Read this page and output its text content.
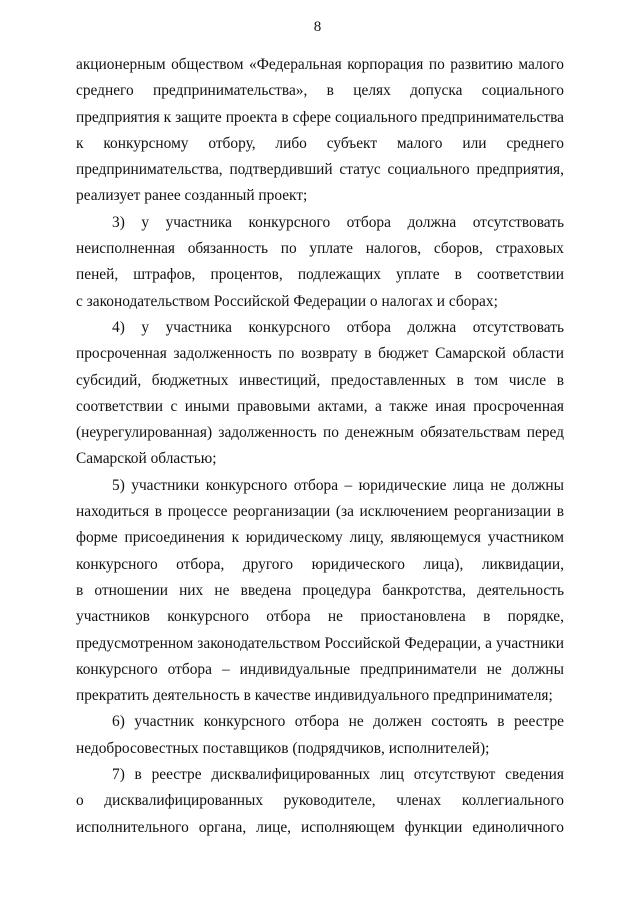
8
акционерным обществом «Федеральная корпорация по развитию малого
среднего предпринимательства», в целях допуска социального
предприятия к защите проекта в сфере социального предпринимательства
к конкурсному отбору, либо субъект малого или среднего
предпринимательства, подтвердивший статус социального предприятия,
реализует ранее созданный проект;
3) у участника конкурсного отбора должна отсутствовать
неисполненная обязанность по уплате налогов, сборов, страховых
пеней, штрафов, процентов, подлежащих уплате в соответствии
с законодательством Российской Федерации о налогах и сборах;
4) у участника конкурсного отбора должна отсутствовать
просроченная задолженность по возврату в бюджет Самарской области
субсидий, бюджетных инвестиций, предоставленных в том числе в
соответствии с иными правовыми актами, а также иная просроченная
(неурегулированная) задолженность по денежным обязательствам перед
Самарской областью;
5) участники конкурсного отбора – юридические лица не должны
находиться в процессе реорганизации (за исключением реорганизации в
форме присоединения к юридическому лицу, являющемуся участником
конкурсного отбора, другого юридического лица), ликвидации,
в отношении них не введена процедура банкротства, деятельность
участников конкурсного отбора не приостановлена в порядке,
предусмотренном законодательством Российской Федерации, а участники
конкурсного отбора – индивидуальные предприниматели не должны
прекратить деятельность в качестве индивидуального предпринимателя;
6) участник конкурсного отбора не должен состоять в реестре
недобросовестных поставщиков (подрядчиков, исполнителей);
7) в реестре дисквалифицированных лиц отсутствуют сведения
о дисквалифицированных руководителе, членах коллегиального
исполнительного органа, лице, исполняющем функции единоличного
